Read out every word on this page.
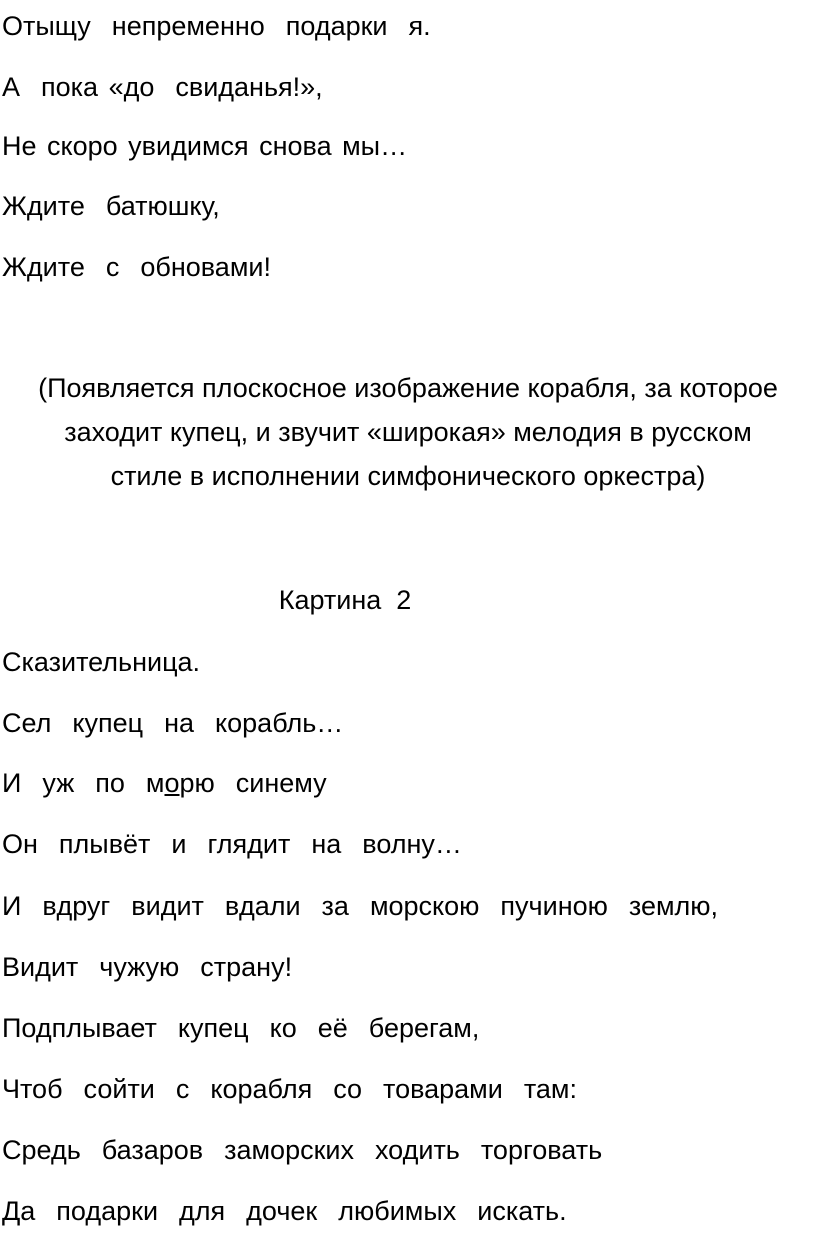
Отыщу  непременно  подарки  я.
А  пока «до  свиданья!»,
Не скоро увидимся снова мы…
Ждите  батюшку,
Ждите  с  обновами!
(Появляется плоскосное изображение корабля, за которое
заходит купец, и звучит «широкая» мелодия в русском
стиле в исполнении симфонического оркестра)
Картина  2
Сказительница.
Сел  купец  на  корабль…
И  уж  по  морю  синему
Он  плывёт  и  глядит  на  волну…
И  вдруг  видит  вдали  за  морскою  пучиною  землю,
Видит  чужую  страну!
Подплывает  купец  ко  её  берегам,
Чтоб  сойти  с  корабля  со  товарами  там:
Средь  базаров  заморских  ходить  торговать
Да  подарки  для  дочек  любимых  искать.
